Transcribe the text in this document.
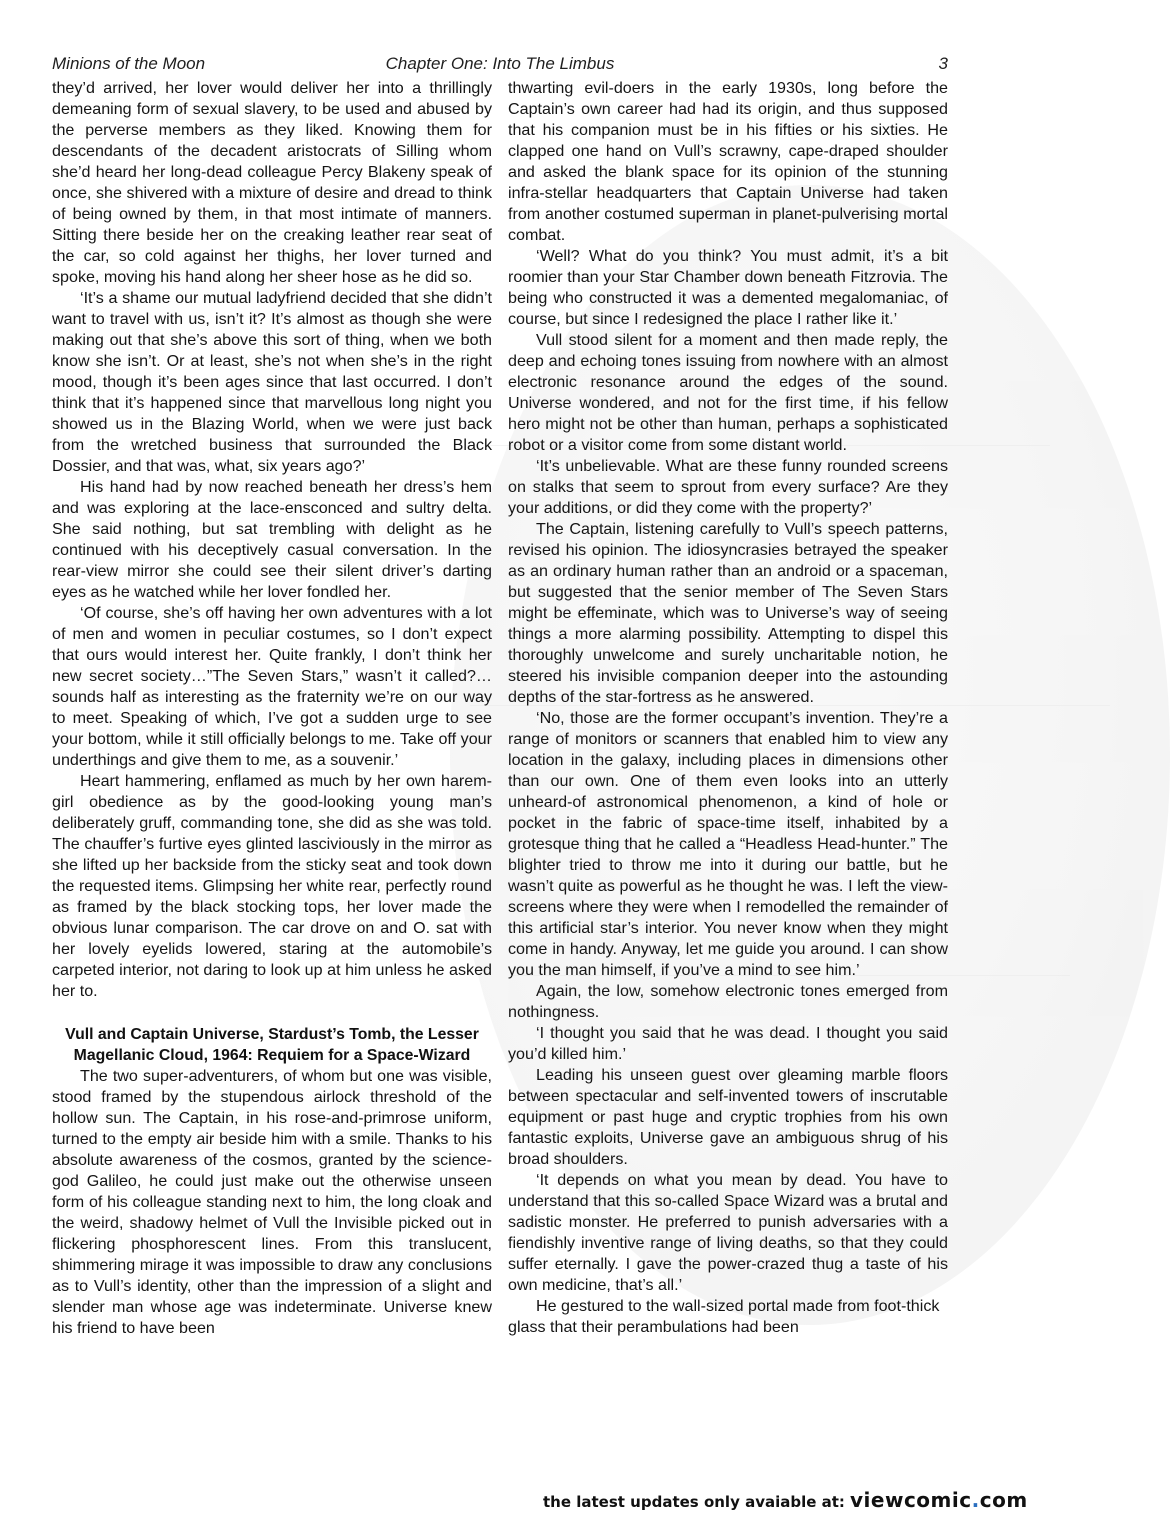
Minions of the Moon	Chapter One: Into The Limbus	3

they’d arrived, her lover would deliver her into a thrillingly demeaning form of sexual slavery, to be used and abused by the perverse members as they liked. Knowing them for descendants of the decadent aristocrats of Silling whom she’d heard her long-dead colleague Percy Blakeny speak of once, she shivered with a mixture of desire and dread to think of being owned by them, in that most intimate of manners. Sitting there beside her on the creaking leather rear seat of the car, so cold against her thighs, her lover turned and spoke, moving his hand along her sheer hose as he did so.

‘It’s a shame our mutual ladyfriend decided that she didn’t want to travel with us, isn’t it? It’s almost as though she were making out that she’s above this sort of thing, when we both know she isn’t. Or at least, she’s not when she’s in the right mood, though it’s been ages since that last occurred. I don’t think that it’s happened since that marvellous long night you showed us in the Blazing World, when we were just back from the wretched business that surrounded the Black Dossier, and that was, what, six years ago?’

His hand had by now reached beneath her dress’s hem and was exploring at the lace-ensconced and sultry delta. She said nothing, but sat trembling with delight as he continued with his deceptively casual conversation. In the rear-view mirror she could see their silent driver’s darting eyes as he watched while her lover fondled her.

‘Of course, she’s off having her own adventures with a lot of men and women in peculiar costumes, so I don’t expect that ours would interest her. Quite frankly, I don’t think her new secret society…”The Seven Stars,” wasn’t it called?…sounds half as interesting as the fraternity we’re on our way to meet. Speaking of which, I’ve got a sudden urge to see your bottom, while it still officially belongs to me. Take off your underthings and give them to me, as a souvenir.’

Heart hammering, enflamed as much by her own harem-girl obedience as by the good-looking young man’s deliberately gruff, commanding tone, she did as she was told. The chauffer’s furtive eyes glinted lasciviously in the mirror as she lifted up her backside from the sticky seat and took down the requested items. Glimpsing her white rear, perfectly round as framed by the black stocking tops, her lover made the obvious lunar comparison. The car drove on and O. sat with her lovely eyelids lowered, staring at the automobile’s carpeted interior, not daring to look up at him unless he asked her to.

Vull and Captain Universe, Stardust’s Tomb, the Lesser Magellanic Cloud, 1964: Requiem for a Space-Wizard

The two super-adventurers, of whom but one was visible, stood framed by the stupendous airlock threshold of the hollow sun. The Captain, in his rose-and-primrose uniform, turned to the empty air beside him with a smile. Thanks to his absolute awareness of the cosmos, granted by the science-god Galileo, he could just make out the otherwise unseen form of his colleague standing next to him, the long cloak and the weird, shadowy helmet of Vull the Invisible picked out in flickering phosphorescent lines. From this translucent, shimmering mirage it was impossible to draw any conclusions as to Vull’s identity, other than the impression of a slight and slender man whose age was indeterminate. Universe knew his friend to have been

thwarting evil-doers in the early 1930s, long before the Captain’s own career had had its origin, and thus supposed that his companion must be in his fifties or his sixties. He clapped one hand on Vull’s scrawny, cape-draped shoulder and asked the blank space for its opinion of the stunning infra-stellar headquarters that Captain Universe had taken from another costumed superman in planet-pulverising mortal combat.

‘Well? What do you think? You must admit, it’s a bit roomier than your Star Chamber down beneath Fitzrovia. The being who constructed it was a demented megalomaniac, of course, but since I redesigned the place I rather like it.’

Vull stood silent for a moment and then made reply, the deep and echoing tones issuing from nowhere with an almost electronic resonance around the edges of the sound. Universe wondered, and not for the first time, if his fellow hero might not be other than human, perhaps a sophisticated robot or a visitor come from some distant world.

‘It’s unbelievable. What are these funny rounded screens on stalks that seem to sprout from every surface? Are they your additions, or did they come with the property?’

The Captain, listening carefully to Vull’s speech patterns, revised his opinion. The idiosyncrasies betrayed the speaker as an ordinary human rather than an android or a spaceman, but suggested that the senior member of The Seven Stars might be effeminate, which was to Universe’s way of seeing things a more alarming possibility. Attempting to dispel this thoroughly unwelcome and surely uncharitable notion, he steered his invisible companion deeper into the astounding depths of the star-fortress as he answered.

‘No, those are the former occupant’s invention. They’re a range of monitors or scanners that enabled him to view any location in the galaxy, including places in dimensions other than our own. One of them even looks into an utterly unheard-of astronomical phenomenon, a kind of hole or pocket in the fabric of space-time itself, inhabited by a grotesque thing that he called a “Headless Head-hunter.” The blighter tried to throw me into it during our battle, but he wasn’t quite as powerful as he thought he was. I left the view-screens where they were when I remodelled the remainder of this artificial star’s interior. You never know when they might come in handy. Anyway, let me guide you around. I can show you the man himself, if you’ve a mind to see him.’

Again, the low, somehow electronic tones emerged from nothingness.

‘I thought you said that he was dead. I thought you said you’d killed him.’

Leading his unseen guest over gleaming marble floors between spectacular and self-invented towers of inscrutable equipment or past huge and cryptic trophies from his own fantastic exploits, Universe gave an ambiguous shrug of his broad shoulders.

‘It depends on what you mean by dead. You have to understand that this so-called Space Wizard was a brutal and sadistic monster. He preferred to punish adversaries with a fiendishly inventive range of living deaths, so that they could suffer eternally. I gave the power-crazed thug a taste of his own medicine, that’s all.’

He gestured to the wall-sized portal made from foot-thick glass that their perambulations had been

the latest updates only avaiable at: viewcomic.com
